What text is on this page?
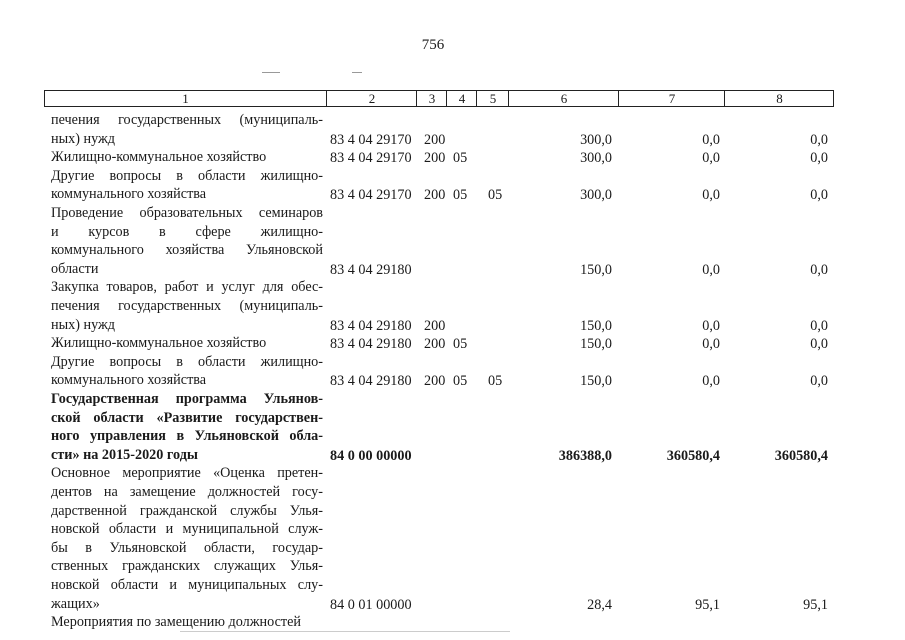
756
1	2	3	4	5	6	7	8
печения государственных (муниципаль-
ных) нужд	83 4 04 29170 200	300,0	0,0	0,0
Жилищно-коммунальное хозяйство	83 4 04 29170 200 05	300,0	0,0	0,0
Другие вопросы в области жилищно-
коммунального хозяйства	83 4 04 29170 200 05 05	300,0	0,0	0,0
Проведение образовательных семинаров
и курсов в сфере жилищно-
коммунального хозяйства Ульяновской
области	83 4 04 29180	150,0	0,0	0,0
Закупка товаров, работ и услуг для обес-
печения государственных (муниципаль-
ных) нужд	83 4 04 29180 200	150,0	0,0	0,0
Жилищно-коммунальное хозяйство	83 4 04 29180 200 05	150,0	0,0	0,0
Другие вопросы в области жилищно-
коммунального хозяйства	83 4 04 29180 200 05 05	150,0	0,0	0,0
Государственная программа Ульянов-
ской области «Развитие государствен-
ного управления в Ульяновской обла-
сти» на 2015-2020 годы	84 0 00 00000	386388,0	360580,4	360580,4
Основное мероприятие «Оценка претен-
дентов на замещение должностей госу-
дарственной гражданской службы Улья-
новской области и муниципальной служ-
бы в Ульяновской области, государ-
ственных гражданских служащих Улья-
новской области и муниципальных слу-
жащих»	84 0 01 00000	28,4	95,1	95,1
Мероприятия по замещению должностей
